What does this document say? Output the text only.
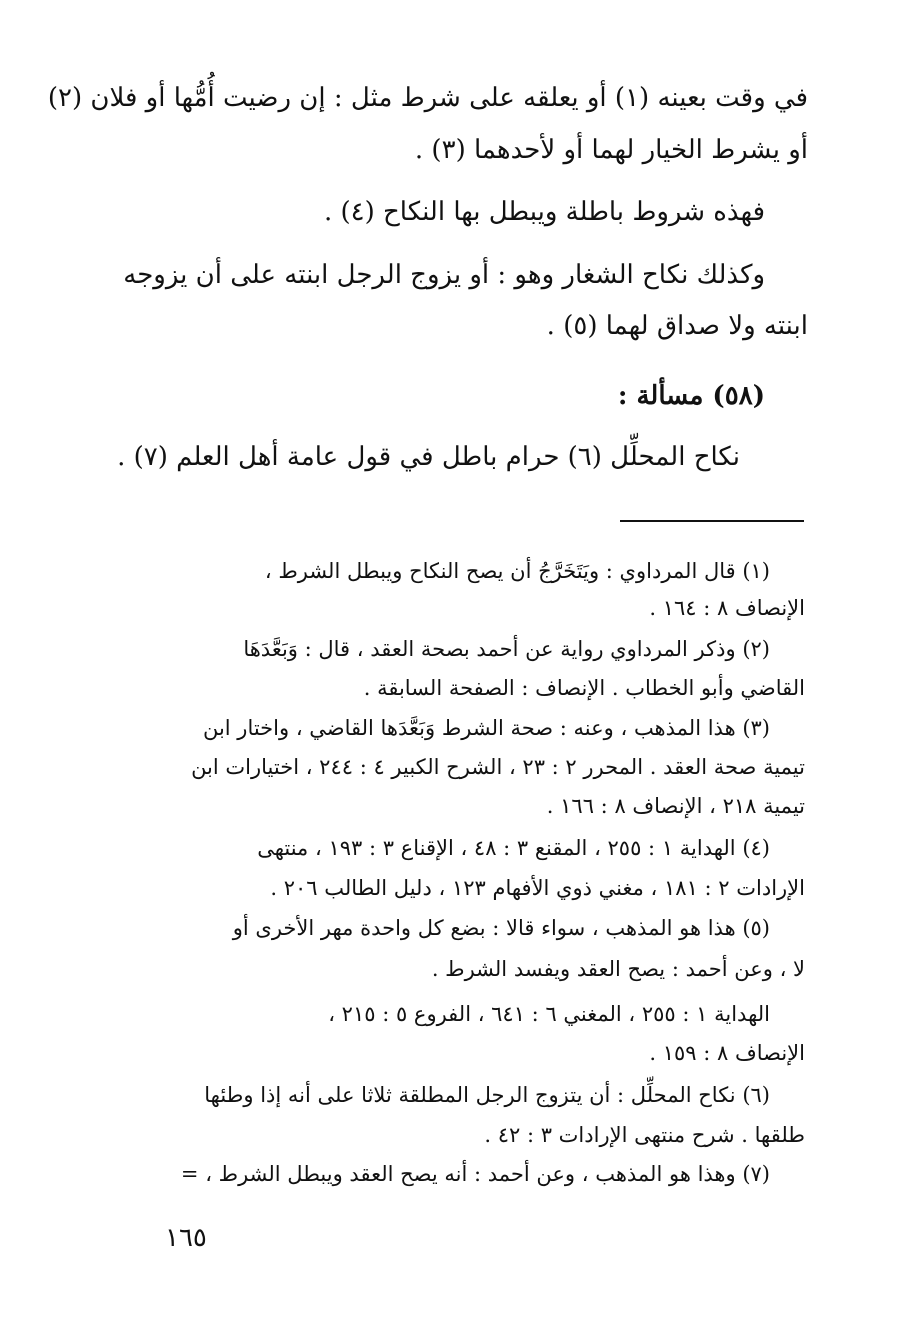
في وقت بعينه (١) أو يعلقه على شرط مثل : إن رضيت أُمُّها أو فلان (٢)
أو يشرط الخيار لهما أو لأحدهما (٣) .
فهذه شروط باطلة ويبطل بها النكاح (٤) .
وكذلك نكاح الشغار وهو : أو يزوج الرجل ابنته على أن يزوجه
ابنته ولا صداق لهما (٥) .
(٥٨) مسألة :
نكاح المحلِّل (٦) حرام باطل في قول عامة أهل العلم (٧) .
(١) قال المرداوي : ويَتَخَرَّجُ أن يصح النكاح ويبطل الشرط ،
الإنصاف ٨ : ١٦٤ .
(٢) وذكر المرداوي رواية عن أحمد بصحة العقد ، قال : وَبَعَّدَهَا
القاضي وأبو الخطاب . الإنصاف : الصفحة السابقة .
(٣) هذا المذهب ، وعنه : صحة الشرط وَبَعَّدَها القاضي ، واختار ابن
تيمية صحة العقد . المحرر ٢ : ٢٣ ، الشرح الكبير ٤ : ٢٤٤ ، اختيارات ابن
تيمية ٢١٨ ، الإنصاف ٨ : ١٦٦ .
(٤) الهداية ١ : ٢٥٥ ، المقنع ٣ : ٤٨ ، الإقناع ٣ : ١٩٣ ، منتهى
الإرادات ٢ : ١٨١ ، مغني ذوي الأفهام ١٢٣ ، دليل الطالب ٢٠٦ .
(٥) هذا هو المذهب ، سواء قالا : بضع كل واحدة مهر الأخرى أو
لا ، وعن أحمد : يصح العقد ويفسد الشرط .
الهداية ١ : ٢٥٥ ، المغني ٦ : ٦٤١ ، الفروع ٥ : ٢١٥ ،
الإنصاف ٨ : ١٥٩ .
(٦) نكاح المحلِّل : أن يتزوج الرجل المطلقة ثلاثا على أنه إذا وطئها
طلقها . شرح منتهى الإرادات ٣ : ٤٢ .
(٧) وهذا هو المذهب ، وعن أحمد : أنه يصح العقد ويبطل الشرط ، =
١٦٥
